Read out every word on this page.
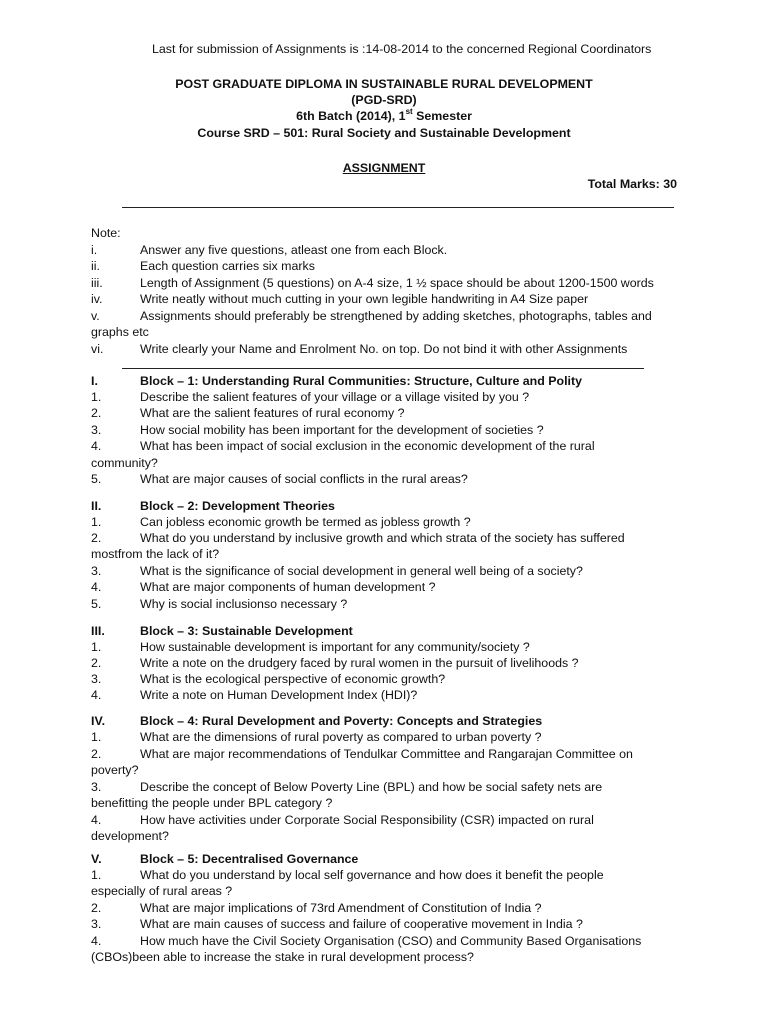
Last for submission of Assignments is :14-08-2014 to the concerned Regional Coordinators
POST GRADUATE DIPLOMA IN SUSTAINABLE RURAL DEVELOPMENT
(PGD-SRD)
6th Batch (2014), 1st Semester
Course SRD – 501: Rural Society and Sustainable Development
ASSIGNMENT
Total Marks: 30
Note:
i.	Answer any five questions, atleast one from each Block.
ii.	Each question carries six marks
iii.	Length of Assignment (5 questions) on A-4 size, 1 ½ space should be about 1200-1500 words
iv.	Write neatly without much cutting in your own legible handwriting in A4 Size paper
v.	Assignments should preferably be strengthened by adding sketches, photographs, tables and
graphs etc
vi.	Write clearly your Name and Enrolment No. on top. Do not bind it with other Assignments
I.	Block – 1: Understanding Rural Communities: Structure, Culture and Polity
1.	Describe the salient features of your village or a village visited by you ?
2.	What are the salient features of rural economy ?
3.	How social mobility has been important for the development of societies ?
4.	What has been impact of social exclusion in the economic development of the rural
community?
5.	What are major causes of social conflicts in the rural areas?
II.	Block – 2: Development Theories
1.	Can jobless economic growth be termed as jobless growth ?
2.	What do you understand by inclusive growth and which strata of the society has suffered
mostfrom the lack of it?
3.	What is the significance of social development in general well being of a society?
4.	What are major components of human development ?
5.	Why is social inclusionso necessary ?
III.	Block – 3: Sustainable Development
1.	How sustainable development is important for any community/society ?
2.	Write a note on the drudgery faced by rural women in the pursuit of livelihoods ?
3.	What is the ecological perspective of economic growth?
4.	Write a note on Human Development Index (HDI)?
IV.	Block – 4: Rural Development and Poverty: Concepts and Strategies
1.	What are the dimensions of rural poverty as compared to urban poverty ?
2.	What are major recommendations of Tendulkar Committee and Rangarajan Committee on
poverty?
3.	Describe the concept of Below Poverty Line (BPL) and how be social safety nets are
benefitting the people under BPL category ?
4.	How have activities under Corporate Social Responsibility (CSR) impacted on rural
development?
V.	Block – 5: Decentralised Governance
1.	What do you understand by local self governance and how does it benefit the people
especially of rural areas ?
2.	What are major implications of 73rd Amendment of Constitution of India ?
3.	What are main causes of success and failure of cooperative movement in India ?
4.	How much have the Civil Society Organisation (CSO) and Community Based Organisations
(CBOs)been able to increase the stake in rural development process?
